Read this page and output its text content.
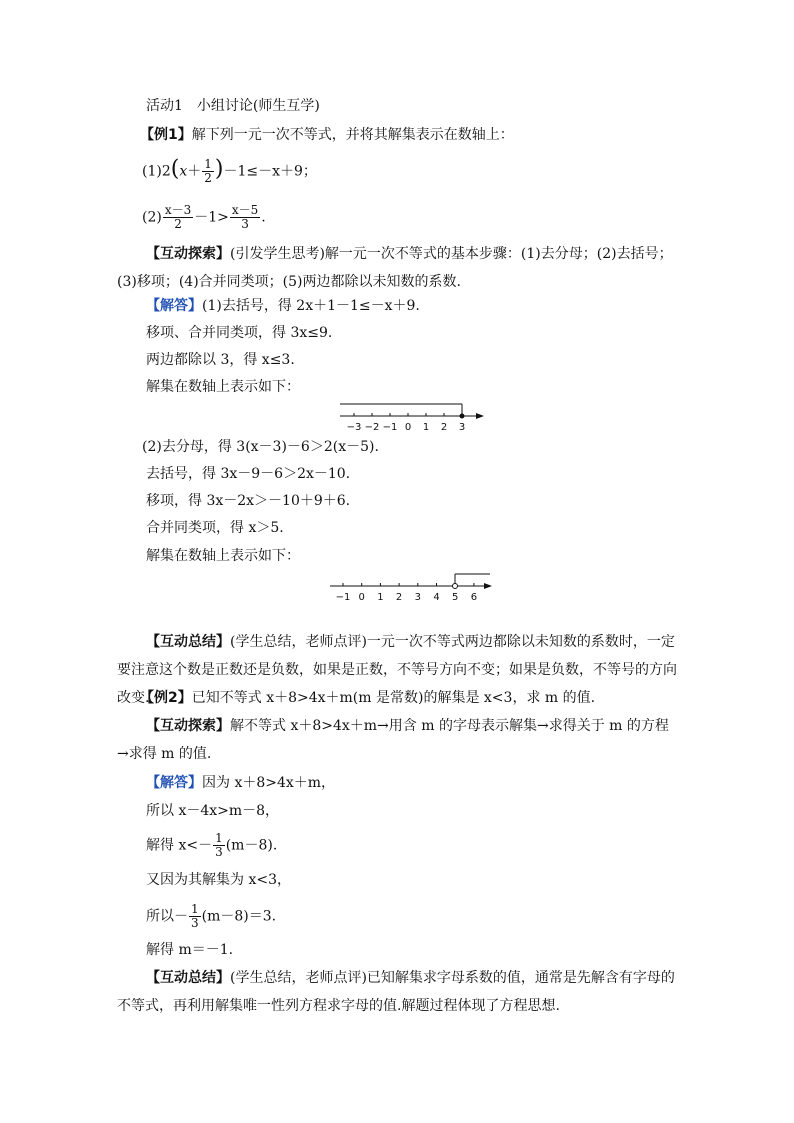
活动1　小组讨论(师生互学)
【例1】解下列一元一次不等式，并将其解集表示在数轴上：
$(1)2(x+ \frac{1}{2} )-1\le-x+9$；
$(2) \frac{x-3}{2} -1> \frac{x-5}{3}$ .
【互动探索】(引发学生思考)解一元一次不等式的基本步骤：(1)去分母；(2)去括号；(3)移项；(4)合并同类项；(5)两边都除以未知数的系数.
【解答】(1)去括号，得 2x＋1－1≤－x＋9.
移项、合并同类项，得 3x≤9.
两边都除以 3，得 x≤3.
解集在数轴上表示如下：
−3 −2 −1 0 1 2 3
(2)去分母，得 3(x－3)－6＞2(x－5).
去括号，得 3x－9－6＞2x－10.
移项，得 3x－2x＞－10＋9＋6.
合并同类项，得 x＞5.
解集在数轴上表示如下：
−1 0 1 2 3 4 5 6
【互动总结】(学生总结，老师点评)一元一次不等式两边都除以未知数的系数时，一定要注意这个数是正数还是负数，如果是正数，不等号方向不变；如果是负数，不等号的方向改变.
【例2】已知不等式 x＋8>4x＋m(m 是常数)的解集是 x<3，求 m 的值.
【互动探索】解不等式 x＋8>4x＋m→用含 m 的字母表示解集→求得关于 m 的方程→求得 m 的值.
【解答】因为 x＋8>4x＋m，
所以 x－4x>m－8，
解得 $x<- \frac{1}{3} (m-8)$.
又因为其解集为 x<3，
所以－ $\frac{1}{3} (m-8)=3$.
解得 m＝－1.
【互动总结】(学生总结，老师点评)已知解集求字母系数的值，通常是先解含有字母的不等式，再利用解集唯一性列方程求字母的值.解题过程体现了方程思想.
